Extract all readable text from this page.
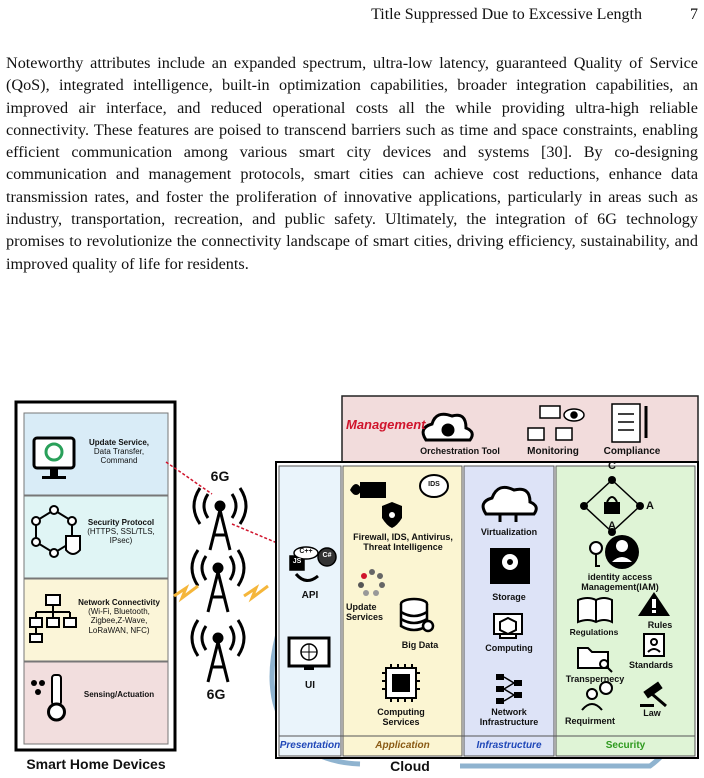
Title Suppressed Due to Excessive Length	7

Noteworthy attributes include an expanded spectrum, ultra-low latency, guaranteed Quality of Service (QoS), integrated intelligence, built-in optimization capabilities, broader integration capabilities, an improved air interface, and reduced operational costs all the while providing ultra-high reliable connectivity. These features are poised to transcend barriers such as time and space constraints, enabling efficient communication among various smart city devices and systems [30]. By co-designing communication and management protocols, smart cities can achieve cost reductions, enhance data transmission rates, and foster the proliferation of innovative applications, particularly in areas such as industry, transportation, recreation, and public safety. Ultimately, the integration of 6G technology promises to revolutionize the connectivity landscape of smart cities, driving efficiency, sustainability, and improved quality of life for residents.

Update Service,
Data Transfer, Command
Security Protocol
(HTTPS, SSL/TLS, IPsec)
Network Connectivity
(Wi-Fi, Bluetooth, Zigbee,Z-Wave, LoRaWAN, NFC)
Sensing/Actuation
Smart Home Devices
6G
6G
Management
Orchestration Tool	Monitoring	Compliance
API
UI
JS
C#
C++
Presentation
IDS
Firewall, IDS, Antivirus, Threat Intelligence
Update Services
Big Data
Computing Services
Application
Virtualization
Storage
Computing
Network Infrastructure
Infrastructure
C
A
A
identity access Management(IAM)
Regulations
Rules
Standards
Transpernecy
Requirment
Law
Security
Cloud
